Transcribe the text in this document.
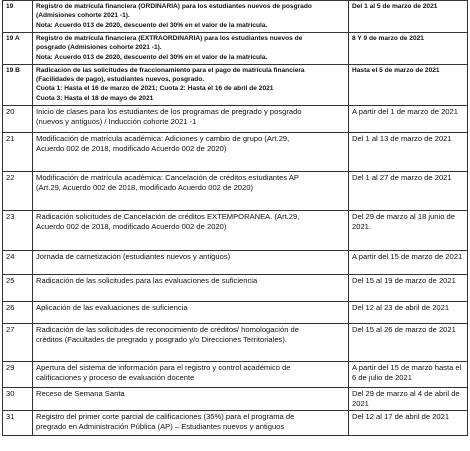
19	Registro de matrícula financiera (ORDINARIA) para los estudiantes nuevos de posgrado
(Admisiones cohorte 2021 -1).
Nota: Acuerdo 013 de 2020, descuento del 30% en el valor de la matrícula.	Del 1 al 5 de marzo de 2021
19 A	Registro de matrícula financiera (EXTRAORDINARIA) para los estudiantes nuevos de
posgrado (Admisiones cohorte 2021 -1).
Nota: Acuerdo 013 de 2020, descuento del 30% en el valor de la matrícula.	8 Y 9 de marzo de 2021
19 B	Radicación de las solicitudes de fraccionamiento para el pago de matrícula financiera
(Facilidades de pago), estudiantes nuevos, posgrado.
Cuota 1: Hasta el 16 de marzo de 2021; Cuota 2: Hasta el 16 de abril de 2021
Cuota 3: Hasta el 18 de mayo de 2021	Hasta el 5 de marzo de 2021
20	Inicio de clases para los estudiantes de los programas de pregrado y posgrado
(nuevos y antiguos) / Inducción cohorte 2021 -1	A partir del 1 de marzo de 2021
21	Modificación de matrícula académica: Adiciones y cambio de grupo (Art.29,
Acuerdo 002 de 2018, modificado Acuerdo 002 de 2020)	Del 1 al 13 de marzo de 2021
22	Modificación de matrícula académica: Cancelación de créditos estudiantes AP
(Art.29, Acuerdo 002 de 2018, modificado Acuerdo 002 de 2020)	Del 1 al 27 de marzo de 2021
23	Radicación solicitudes de Cancelación de créditos EXTEMPORANEA. (Art.29,
Acuerdo 002 de 2018, modificado Acuerdo 002 de 2020)	Del 29 de marzo al 18 junio de 2021.
24	Jornada de carnetización (estudiantes nuevos y antiguos)	A partir del 15 de marzo de 2021
25	Radicación de las solicitudes para las evaluaciones de suficiencia	Del 15 al 19 de marzo de 2021
26	Aplicación de las evaluaciones de suficiencia	Del 12 al 23 de abril de 2021
27	Radicación de las solicitudes de reconocimiento de créditos/ homologación de
créditos (Facultades de pregrado y posgrado y/o Direcciones Territoriales).	Del 15 al 26 de marzo de 2021
29	Apertura del sistema de información para el registro y control académico de
calificaciones y proceso de evaluación docente	A partir del 15 de marzo hasta el 6 de julio de 2021
30	Receso de Semana Santa	Del 29 de marzo al 4 de abril de 2021
31	Registro del primer corte parcial de calificaciones (35%) para el programa de
pregrado en Administración Pública (AP) – Estudiantes nuevos y antiguos	Del 12 al 17 de abril de 2021
